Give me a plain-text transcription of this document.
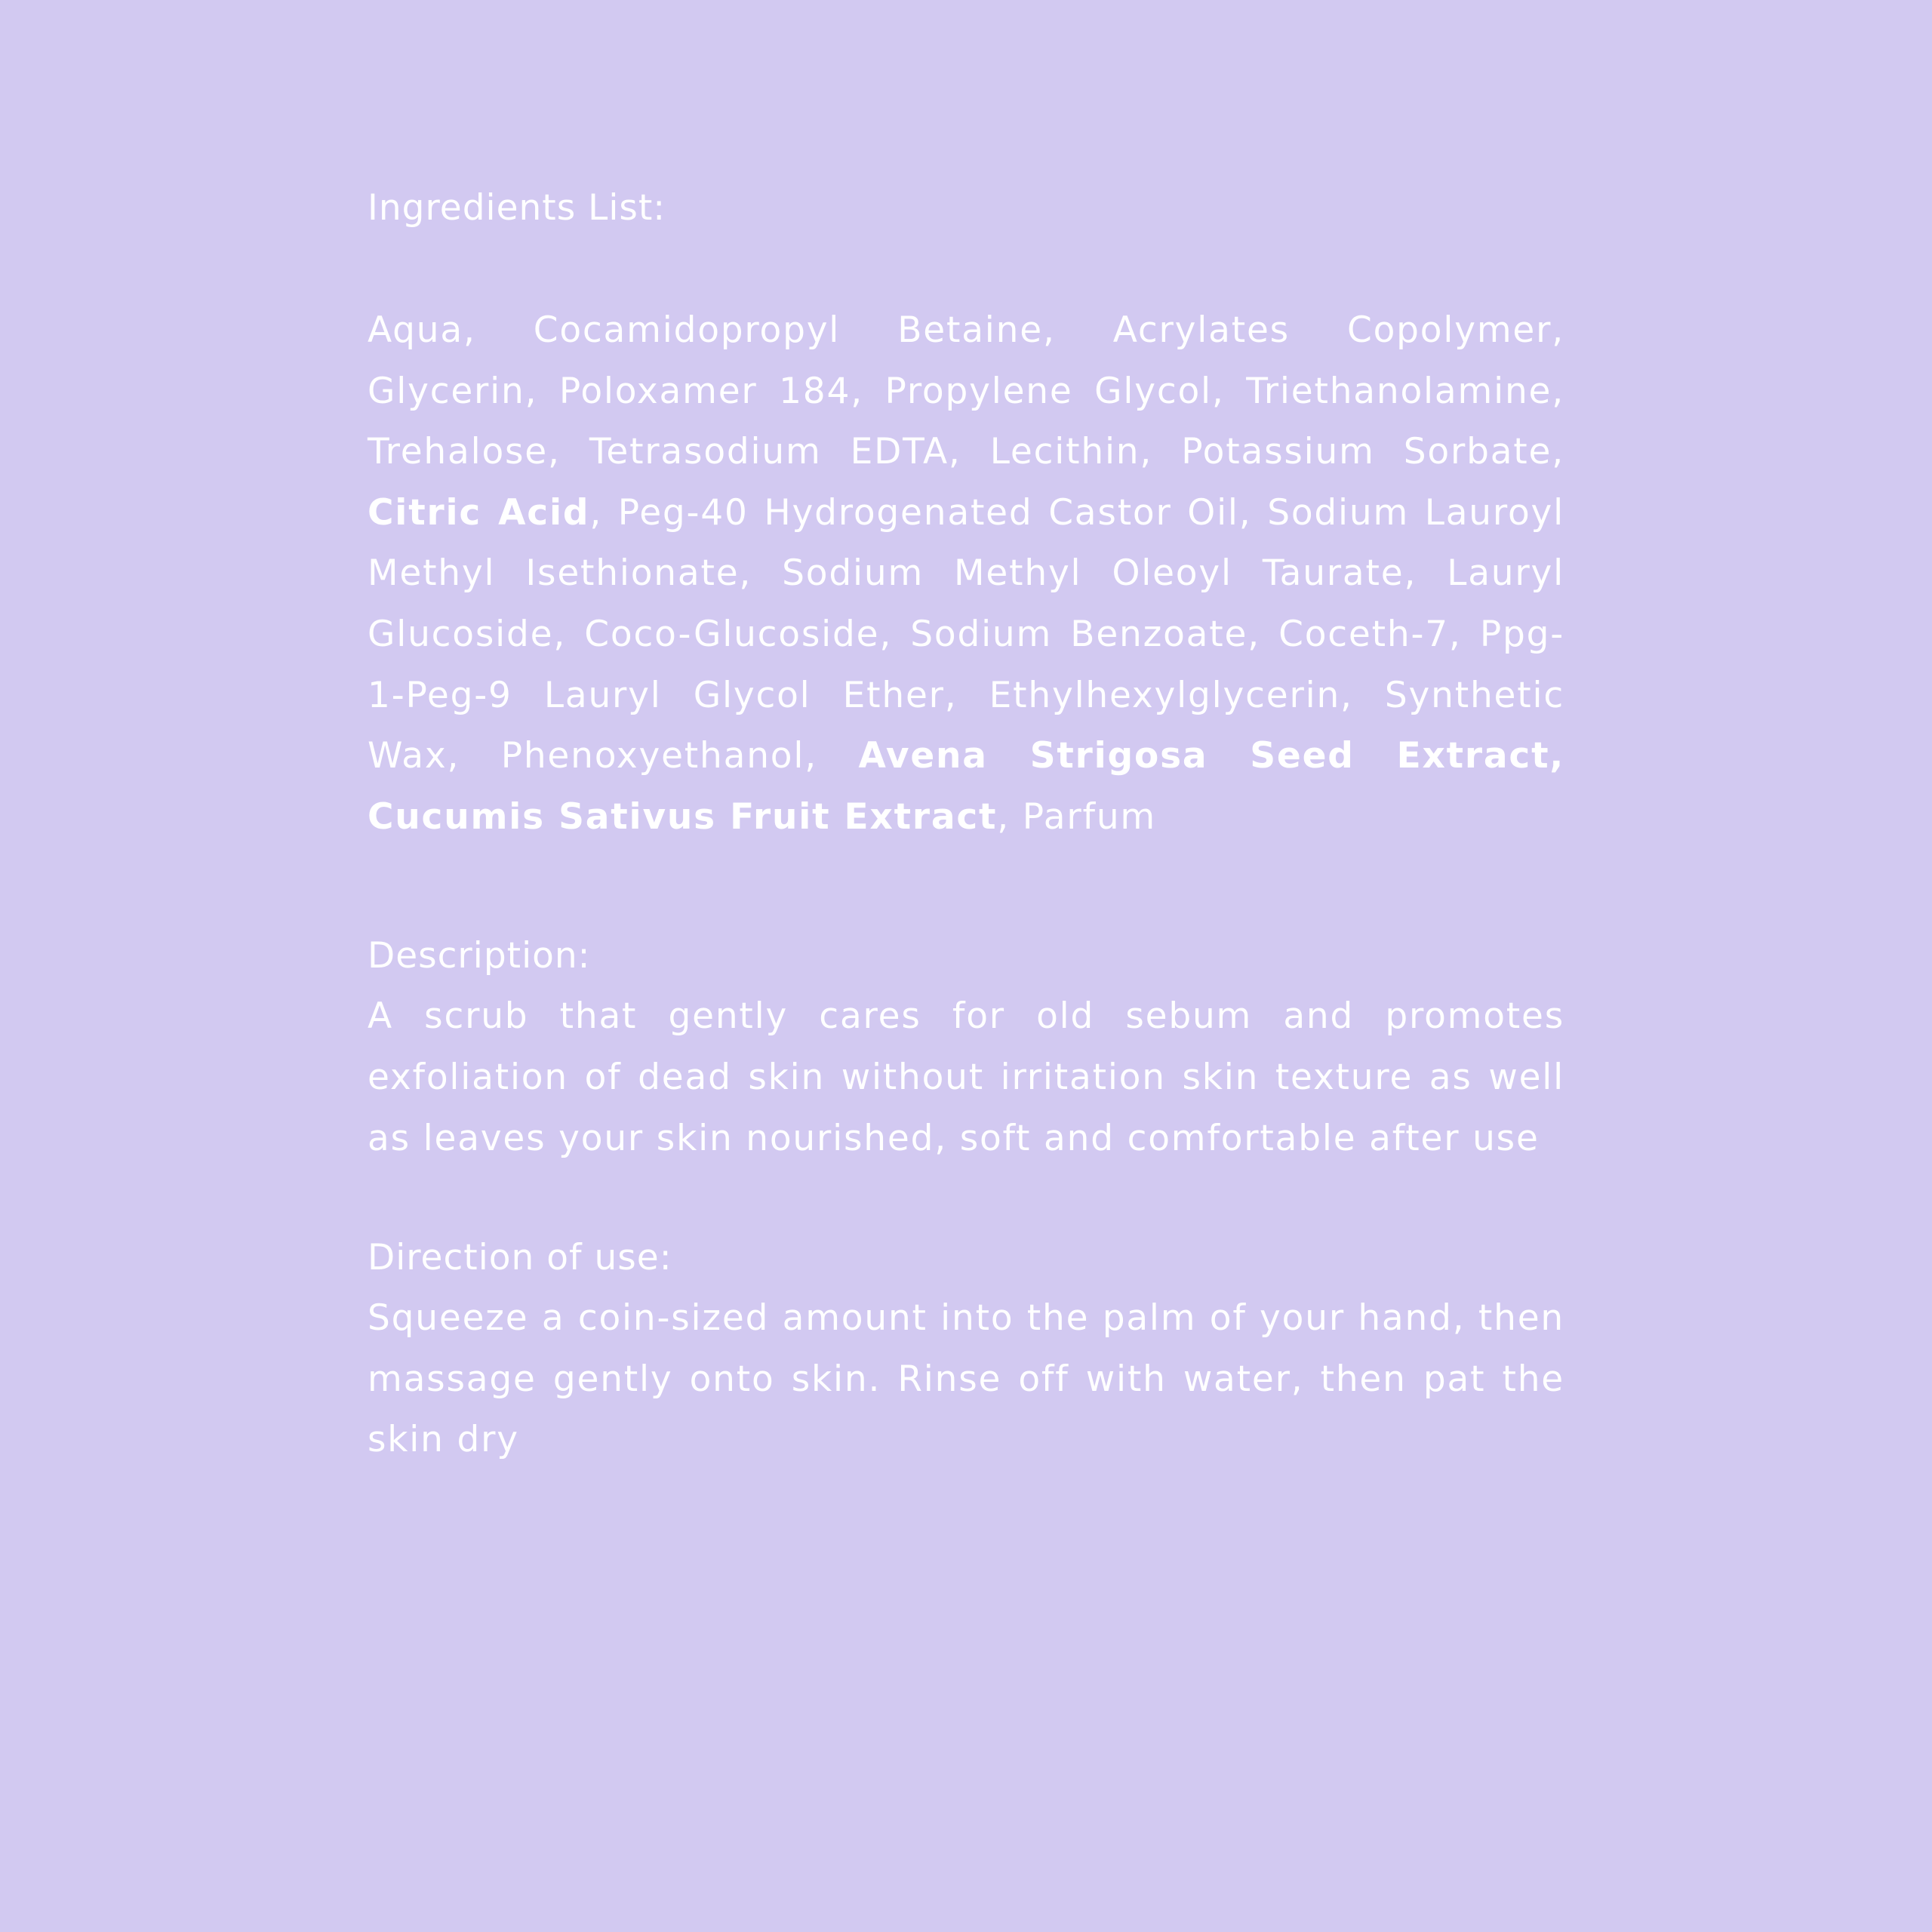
Ingredients List:

Aqua, Cocamidopropyl Betaine, Acrylates Copolymer, Glycerin, Poloxamer 184, Propylene Glycol, Triethanolamine, Trehalose, Tetrasodium EDTA, Lecithin, Potassium Sorbate, Citric Acid, Peg-40 Hydrogenated Castor Oil, Sodium Lauroyl Methyl Isethionate, Sodium Methyl Oleoyl Taurate, Lauryl Glucoside, Coco-Glucoside, Sodium Benzoate, Coceth-7, Ppg-1-Peg-9 Lauryl Glycol Ether, Ethylhexylglycerin, Synthetic Wax, Phenoxyethanol, Avena Strigosa Seed Extract, Cucumis Sativus Fruit Extract, Parfum

Description:

A scrub that gently cares for old sebum and promotes exfoliation of dead skin without irritation skin texture as well as leaves your skin nourished, soft and comfortable after use

Direction of use:

Squeeze a coin-sized amount into the palm of your hand, then massage gently onto skin. Rinse off with water, then pat the skin dry
